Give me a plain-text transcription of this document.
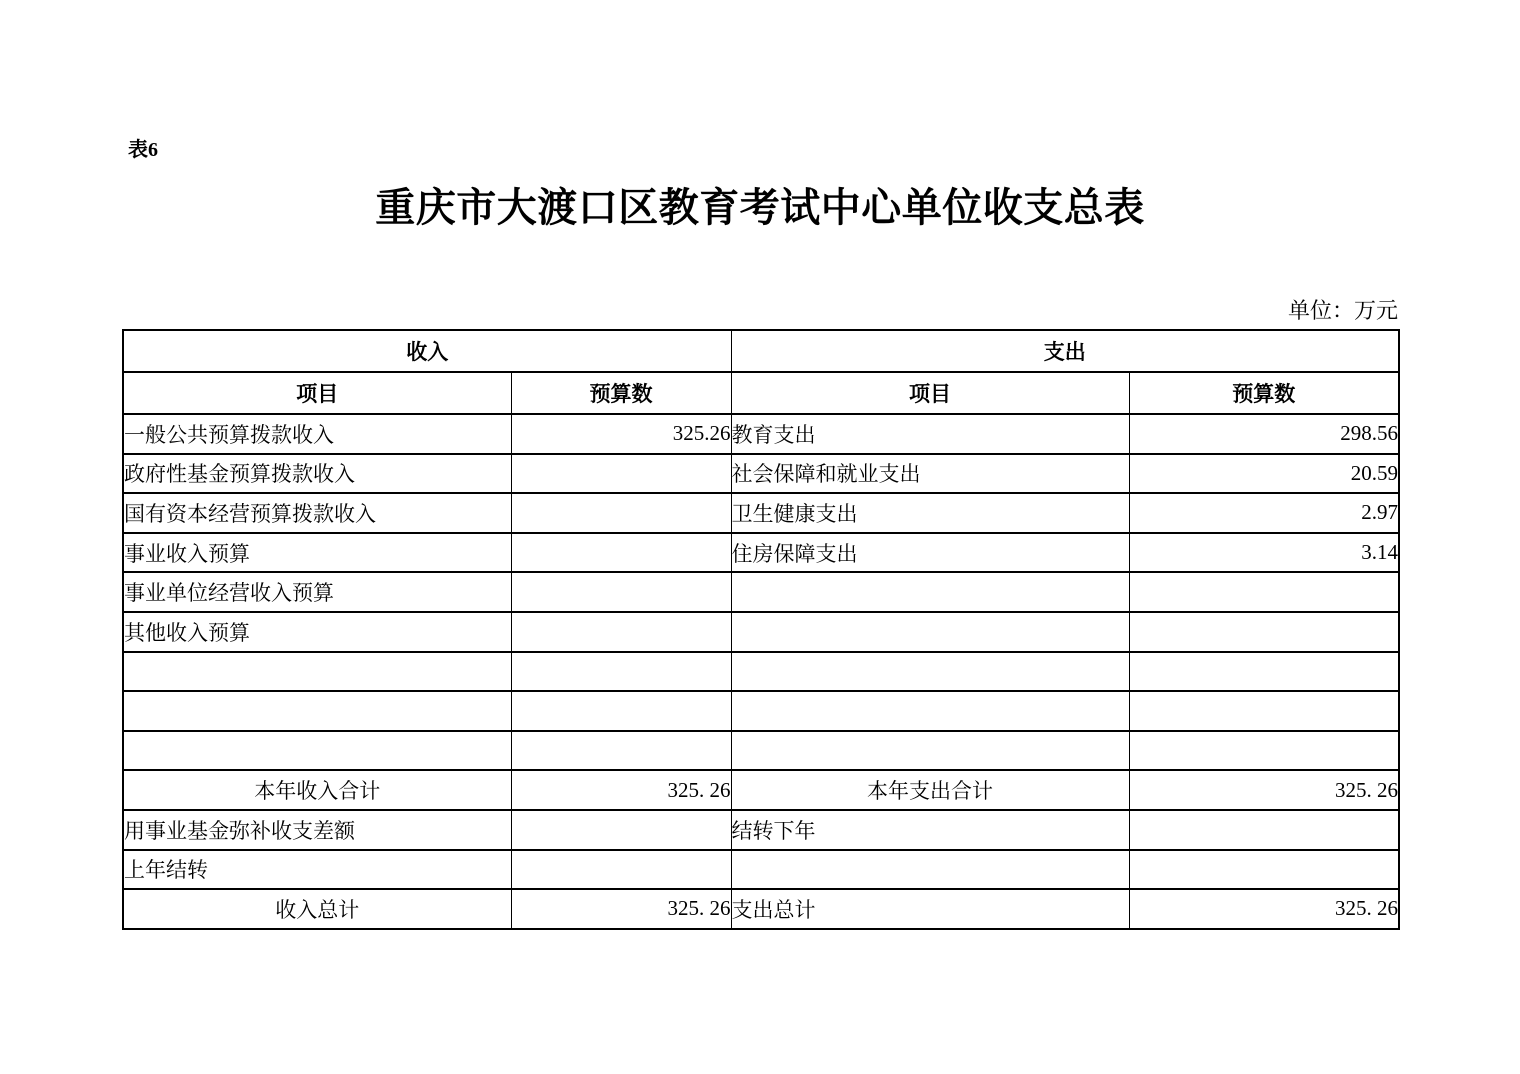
表6
重庆市大渡口区教育考试中心单位收支总表
单位：万元
收入		支出	
项目	预算数	项目	预算数
一般公共预算拨款收入	325.26	教育支出	298.56
政府性基金预算拨款收入		社会保障和就业支出	20.59
国有资本经营预算拨款收入		卫生健康支出	2.97
事业收入预算		住房保障支出	3.14
事业单位经营收入预算			
其他收入预算			

本年收入合计	325. 26	本年支出合计	325. 26
用事业基金弥补收支差额		结转下年	
上年结转			
收入总计	325. 26	支出总计	325. 26
